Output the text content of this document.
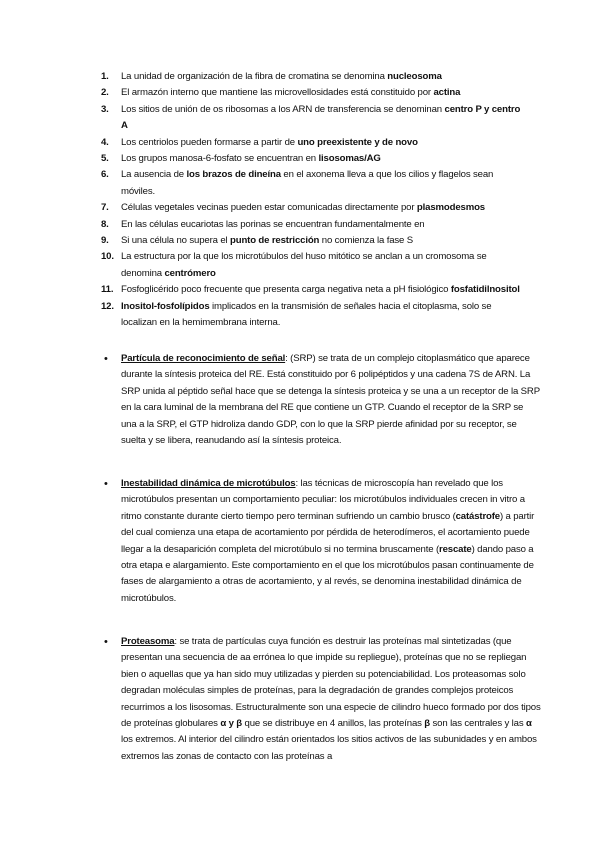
1. La unidad de organización de la fibra de cromatina se denomina nucleosoma
2. El armazón interno que mantiene las microvellosidades está constituido por actina
3. Los sitios de unión de os ribosomas a los ARN de transferencia se denominan centro P y centro A
4. Los centriolos pueden formarse a partir de uno preexistente y de novo
5. Los grupos manosa-6-fosfato se encuentran en lisosomas/AG
6. La ausencia de los brazos de dineína en el axonema lleva a que los cilios y flagelos sean móviles.
7. Células vegetales vecinas pueden estar comunicadas directamente por plasmodesmos
8. En las células eucariotas las porinas se encuentran fundamentalmente en
9. Si una célula no supera el punto de restricción no comienza la fase S
10. La estructura por la que los microtúbulos del huso mitótico se anclan a un cromosoma se denomina centrómero
11. Fosfoglicérido poco frecuente que presenta carga negativa neta a pH fisiológico fosfatidilnositol
12. Inositol-fosfolípidos implicados en la transmisión de señales hacia el citoplasma, solo se localizan en la hemimembrana interna.
• Partícula de reconocimiento de señal: (SRP) se trata de un complejo citoplasmático que aparece durante la síntesis proteica del RE. Está constituido por 6 polipéptidos y una cadena 7S de ARN. La SRP unida al péptido señal hace que se detenga la síntesis proteica y se una a un receptor de la SRP en la cara luminal de la membrana del RE que contiene un GTP. Cuando el receptor de la SRP se una a la SRP, el GTP hidroliza dando GDP, con lo que la SRP pierde afinidad por su receptor, se suelta y se libera, reanudando así la síntesis proteica.
• Inestabilidad dinámica de microtúbulos: las técnicas de microscopía han revelado que los microtúbulos presentan un comportamiento peculiar: los microtúbulos individuales crecen in vitro a ritmo constante durante cierto tiempo pero terminan sufriendo un cambio brusco (catástrofe) a partir del cual comienza una etapa de acortamiento por pérdida de heterodímeros, el acortamiento puede llegar a la desaparición completa del microtúbulo si no termina bruscamente (rescate) dando paso a otra etapa e alargamiento. Este comportamiento en el que los microtúbulos pasan continuamente de fases de alargamiento a otras de acortamiento, y al revés, se denomina inestabilidad dinámica de microtúbulos.
• Proteasoma: se trata de partículas cuya función es destruir las proteínas mal sintetizadas (que presentan una secuencia de aa errónea lo que impide su repliegue), proteínas que no se repliegan bien o aquellas que ya han sido muy utilizadas y pierden su potenciabilidad. Los proteasomas solo degradan moléculas simples de proteínas, para la degradación de grandes complejos proteicos recurrimos a los lisosomas. Estructuralmente son una especie de cilindro hueco formado por dos tipos de proteínas globulares α y β que se distribuye en 4 anillos, las proteínas β son las centrales y las α los extremos. Al interior del cilindro están orientados los sitios activos de las subunidades y en ambos extremos las zonas de contacto con las proteínas a
